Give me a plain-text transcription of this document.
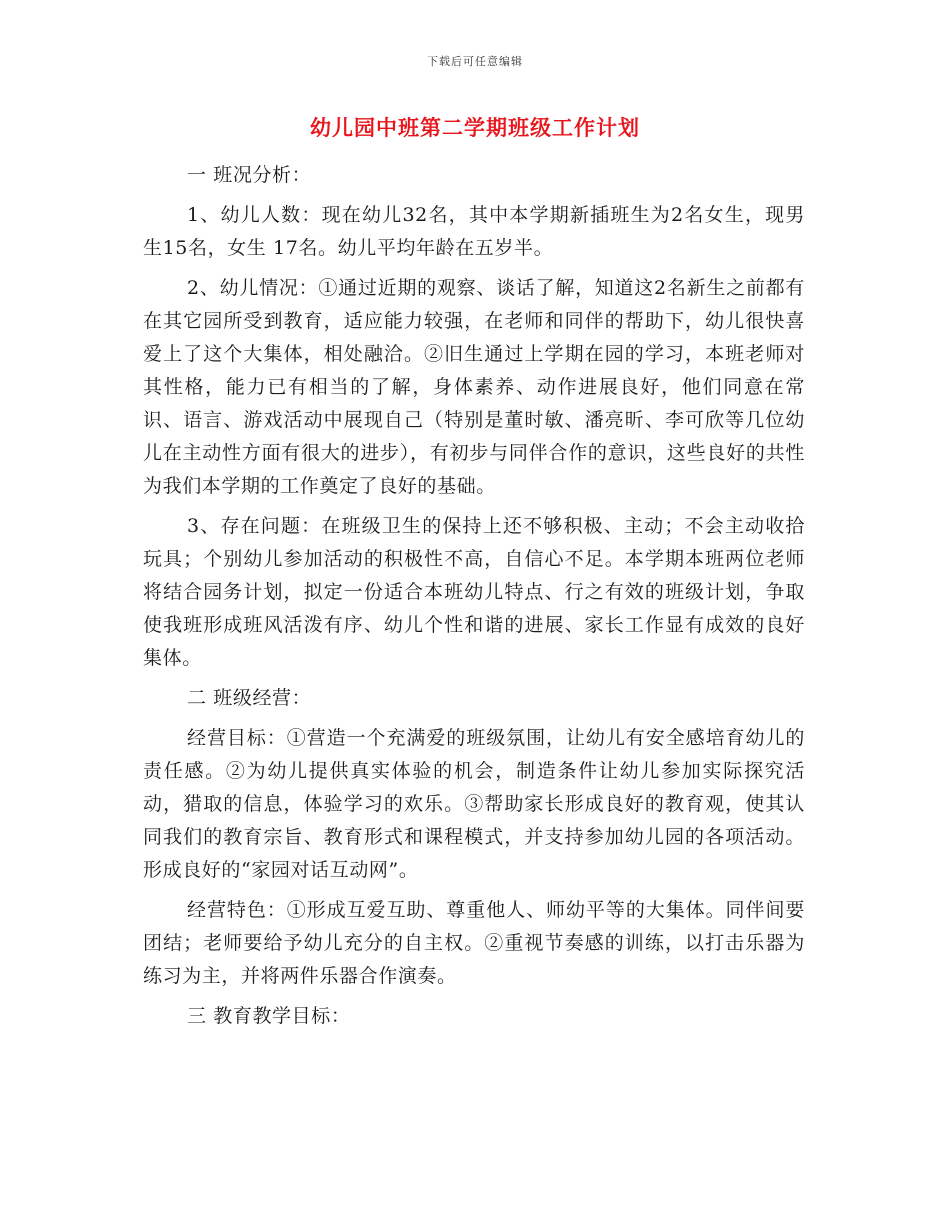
下载后可任意编辑
幼儿园中班第二学期班级工作计划

一 班况分析：

1、幼儿人数：现在幼儿32名，其中本学期新插班生为2名女生，现男生15名，女生 17名。幼儿平均年龄在五岁半。

2、幼儿情况：①通过近期的观察、谈话了解，知道这2名新生之前都有在其它园所受到教育，适应能力较强，在老师和同伴的帮助下，幼儿很快喜爱上了这个大集体，相处融洽。②旧生通过上学期在园的学习，本班老师对其性格，能力已有相当的了解，身体素养、动作进展良好，他们同意在常识、语言、游戏活动中展现自己（特别是董时敏、潘亮昕、李可欣等几位幼儿在主动性方面有很大的进步），有初步与同伴合作的意识，这些良好的共性为我们本学期的工作奠定了良好的基础。

3、存在问题：在班级卫生的保持上还不够积极、主动；不会主动收拾玩具；个别幼儿参加活动的积极性不高，自信心不足。本学期本班两位老师将结合园务计划，拟定一份适合本班幼儿特点、行之有效的班级计划，争取使我班形成班风活泼有序、幼儿个性和谐的进展、家长工作显有成效的良好集体。

二 班级经营：

经营目标：①营造一个充满爱的班级氛围，让幼儿有安全感培育幼儿的责任感。②为幼儿提供真实体验的机会，制造条件让幼儿参加实际探究活动，猎取的信息，体验学习的欢乐。③帮助家长形成良好的教育观，使其认同我们的教育宗旨、教育形式和课程模式，并支持参加幼儿园的各项活动。形成良好的“家园对话互动网”。

经营特色：①形成互爱互助、尊重他人、师幼平等的大集体。同伴间要团结；老师要给予幼儿充分的自主权。②重视节奏感的训练，以打击乐器为练习为主，并将两件乐器合作演奏。

三 教育教学目标：
